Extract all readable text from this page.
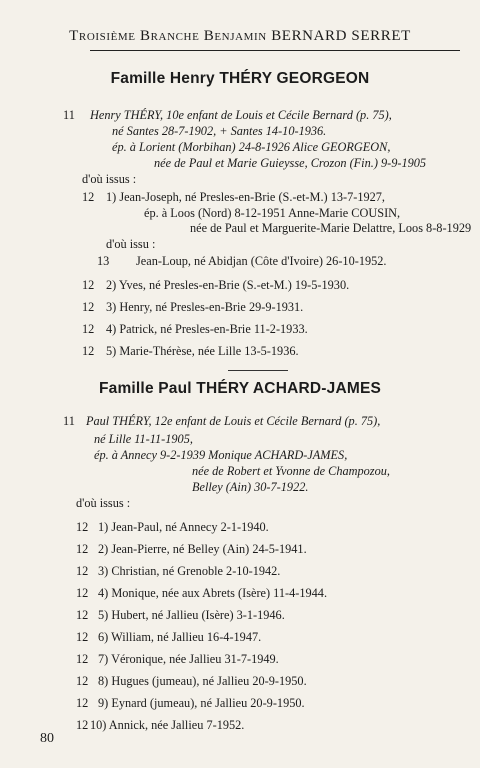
Troisième Branche Benjamin BERNARD SERRET
Famille Henry THÉRY GEORGEON
11 Henry THÉRY, 10e enfant de Louis et Cécile Bernard (p. 75),
né Santes 28-7-1902, + Santes 14-10-1936.
ép. à Lorient (Morbihan) 24-8-1926 Alice GEORGEON,
née de Paul et Marie Guieysse, Crozon (Fin.) 9-9-1905
d'où issus :
12 1) Jean-Joseph, né Presles-en-Brie (S.-et-M.) 13-7-1927,
ép. à Loos (Nord) 8-12-1951 Anne-Marie COUSIN,
née de Paul et Marguerite-Marie Delattre, Loos 8-8-1929
d'où issu :
13 Jean-Loup, né Abidjan (Côte d'Ivoire) 26-10-1952.
12 2) Yves, né Presles-en-Brie (S.-et-M.) 19-5-1930.
12 3) Henry, né Presles-en-Brie 29-9-1931.
12 4) Patrick, né Presles-en-Brie 11-2-1933.
12 5) Marie-Thérèse, née Lille 13-5-1936.
Famille Paul THÉRY ACHARD-JAMES
11 Paul THÉRY, 12e enfant de Louis et Cécile Bernard (p. 75),
né Lille 11-11-1905,
ép. à Annecy 9-2-1939 Monique ACHARD-JAMES,
née de Robert et Yvonne de Champozou,
Belley (Ain) 30-7-1922.
d'où issus :
12 1) Jean-Paul, né Annecy 2-1-1940.
12 2) Jean-Pierre, né Belley (Ain) 24-5-1941.
12 3) Christian, né Grenoble 2-10-1942.
12 4) Monique, née aux Abrets (Isère) 11-4-1944.
12 5) Hubert, né Jallieu (Isère) 3-1-1946.
12 6) William, né Jallieu 16-4-1947.
12 7) Véronique, née Jallieu 31-7-1949.
12 8) Hugues (jumeau), né Jallieu 20-9-1950.
12 9) Eynard (jumeau), né Jallieu 20-9-1950.
12 10) Annick, née Jallieu 7-1952.
80
